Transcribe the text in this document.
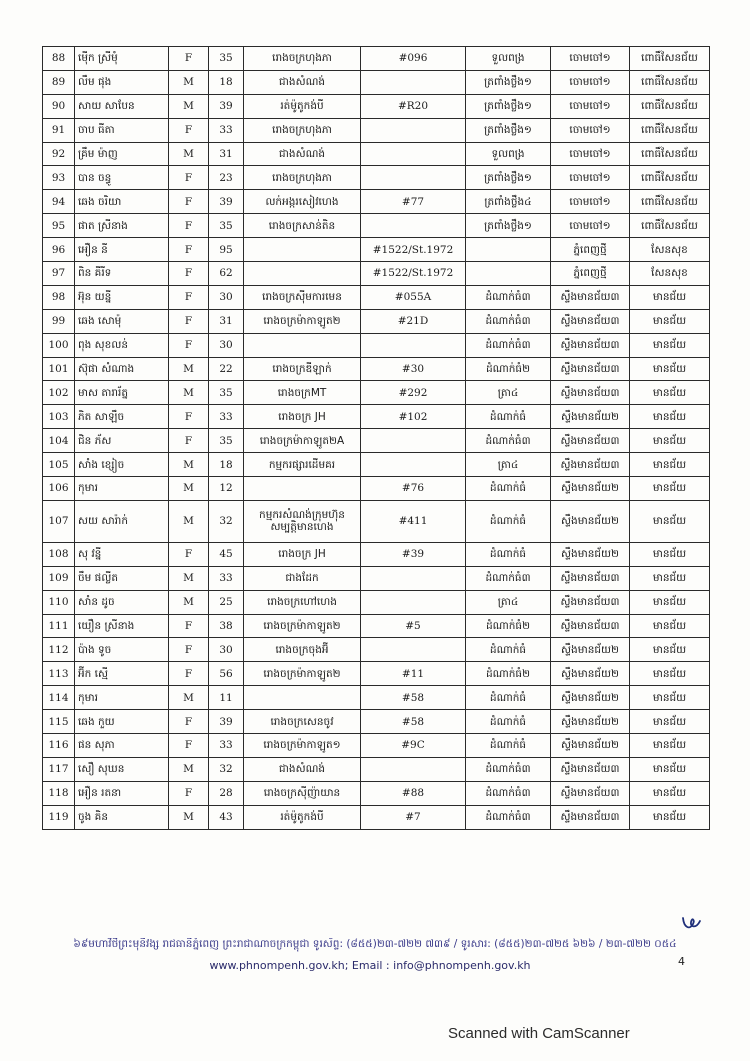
88	ម៉ើក ស្រីមុំ	F	35	រោងចក្រហុងភា	#096	ទួលពង្រ	ចោមចៅ១	ពោធិ៍សែនជ័យ
89	លឹម ផុង	M	18	ជាងសំណង់		ត្រពាំងថ្លឹង១	ចោមចៅ១	ពោធិ៍សែនជ័យ
90	សាយ សាបែន	M	39	រត់ម៉ូតូកង់បី	#R20	ត្រពាំងថ្លឹង១	ចោមចៅ១	ពោធិ៍សែនជ័យ
91	ចាប ធីតា	F	33	រោងចក្រហុងភា		ត្រពាំងថ្លឹង១	ចោមចៅ១	ពោធិ៍សែនជ័យ
92	គ្រឹម ម៉ាញ	M	31	ជាងសំណង់		ទួលពង្រ	ចោមចៅ១	ពោធិ៍សែនជ័យ
93	បាន ចន្ធូ	F	23	រោងចក្រហុងភា		ត្រពាំងថ្លឹង១	ចោមចៅ១	ពោធិ៍សែនជ័យ
94	ឆេង ចរិយា	F	39	លក់អង្ករសៀវហេង	#77	ត្រពាំងថ្លឹង៤	ចោមចៅ១	ពោធិ៍សែនជ័យ
95	ផាត ស្រីនាង	F	35	រោងចក្រសាន់តិន		ត្រពាំងថ្លឹង១	ចោមចៅ១	ពោធិ៍សែនជ័យ
96	អឿន នី	F	95		#1522/St.1972		ភ្នំពេញថ្មី	សែនសុខ
97	ពិន គីរីទ	F	62		#1522/St.1972		ភ្នំពេញថ្មី	សែនសុខ
98	អ៊ុន យន្នី	F	30	រោងចក្រស៊ីមការមេន	#055A	ដំណាក់ធំ៣	ស្ទឹងមានជ័យ៣	មានជ័យ
99	ឆេង សោម៉ុ	F	31	រោងចក្រម៉ាកាឡូត២	#21D	ដំណាក់ធំ៣	ស្ទឹងមានជ័យ៣	មានជ័យ
100	ពុង សុខលន់	F	30			ដំណាក់ធំ៣	ស្ទឹងមានជ័យ៣	មានជ័យ
101	ស៊ុផា សំណាង	M	22	រោងចក្រឌីឡាក់	#30	ដំណាក់ធំ២	ស្ទឹងមានជ័យ៣	មានជ័យ
102	មាស តារារ័ត្ន	M	35	រោងចក្រMT	#292	ត្រា៤	ស្ទឹងមានជ័យ៣	មានជ័យ
103	ភិត សាឡឹច	F	33	រោងចក្រ JH	#102	ដំណាក់ធំ	ស្ទឹងមានជ័យ២	មានជ័យ
104	ជិន ភ័ស	F	35	រោងចក្រម៉ាកាឡូត២A		ដំណាក់ធំ៣	ស្ទឹងមានជ័យ៣	មានជ័យ
105	សាំង ខ្សៀច	M	18	កម្មករផ្សារដើមគរ		ត្រា៤	ស្ទឹងមានជ័យ៣	មានជ័យ
106	កុមារ	M	12		#76	ដំណាក់ធំ	ស្ទឹងមានជ័យ២	មានជ័យ
107	សយ សារ៉ាក់	M	32	កម្មករសំណង់ក្រុមហ៊ុន សម្បត្តិមានហេង	#411	ដំណាក់ធំ	ស្ទឹងមានជ័យ២	មានជ័យ
108	សុ វន្នី	F	45	រោងចក្រ JH	#39	ដំណាក់ធំ	ស្ទឹងមានជ័យ២	មានជ័យ
109	ចឹម ផល្លីត	M	33	ជាងដែក		ដំណាក់ធំ៣	ស្ទឹងមានជ័យ៣	មានជ័យ
110	សាំន ដូច	M	25	រោងចក្រហៅហេង		ត្រា៤	ស្ទឹងមានជ័យ៣	មានជ័យ
111	យឿន ស្រីនាង	F	38	រោងចក្រម៉ាកាឡូត២	#5	ដំណាក់ធំ២	ស្ទឹងមានជ័យ៣	មានជ័យ
112	ប៉ាង ទូច	F	30	រោងចក្រចុងអ៊ី		ដំណាក់ធំ	ស្ទឹងមានជ័យ២	មានជ័យ
113	អ៊ីក ស្មើ	F	56	រោងចក្រម៉ាកាឡូត២	#11	ដំណាក់ធំ២	ស្ទឹងមានជ័យ២	មានជ័យ
114	កុមារ	M	11		#58	ដំណាក់ធំ	ស្ទឹងមានជ័យ២	មានជ័យ
115	ឆេង កួយ	F	39	រោងចក្រសេនចូវ	#58	ដំណាក់ធំ	ស្ទឹងមានជ័យ២	មានជ័យ
116	ផន សុភា	F	33	រោងចក្រម៉ាកាឡូត១	#9C	ដំណាក់ធំ	ស្ទឹងមានជ័យ២	មានជ័យ
117	សឿ សុឃន	M	32	ជាងសំណង់		ដំណាក់ធំ៣	ស្ទឹងមានជ័យ៣	មានជ័យ
118	អឿន រតនា	F	28	រោងចក្រស៊ីញ៉ាយាន	#88	ដំណាក់ធំ៣	ស្ទឹងមានជ័យ៣	មានជ័យ
119	ចូង គិន	M	43	រត់ម៉ូតូកង់បី	#7	ដំណាក់ធំ៣	ស្ទឹងមានជ័យ៣	មានជ័យ
៦៩មហាវិថីព្រះមុនីវង្ស រាជធានីភ្នំពេញ ព្រះរាជាណាចក្រកម្ពុជា ទូរស័ព្ទ: (៨៥៥)២៣-៧២២ ៧៣៩ / ទូរសារ: (៨៥៥)២៣-៧២៥ ៦២៦ / ២៣-៧២២ ០៥៤
www.phnompenh.gov.kh; Email : info@phnompenh.gov.kh	4
Scanned with CamScanner
